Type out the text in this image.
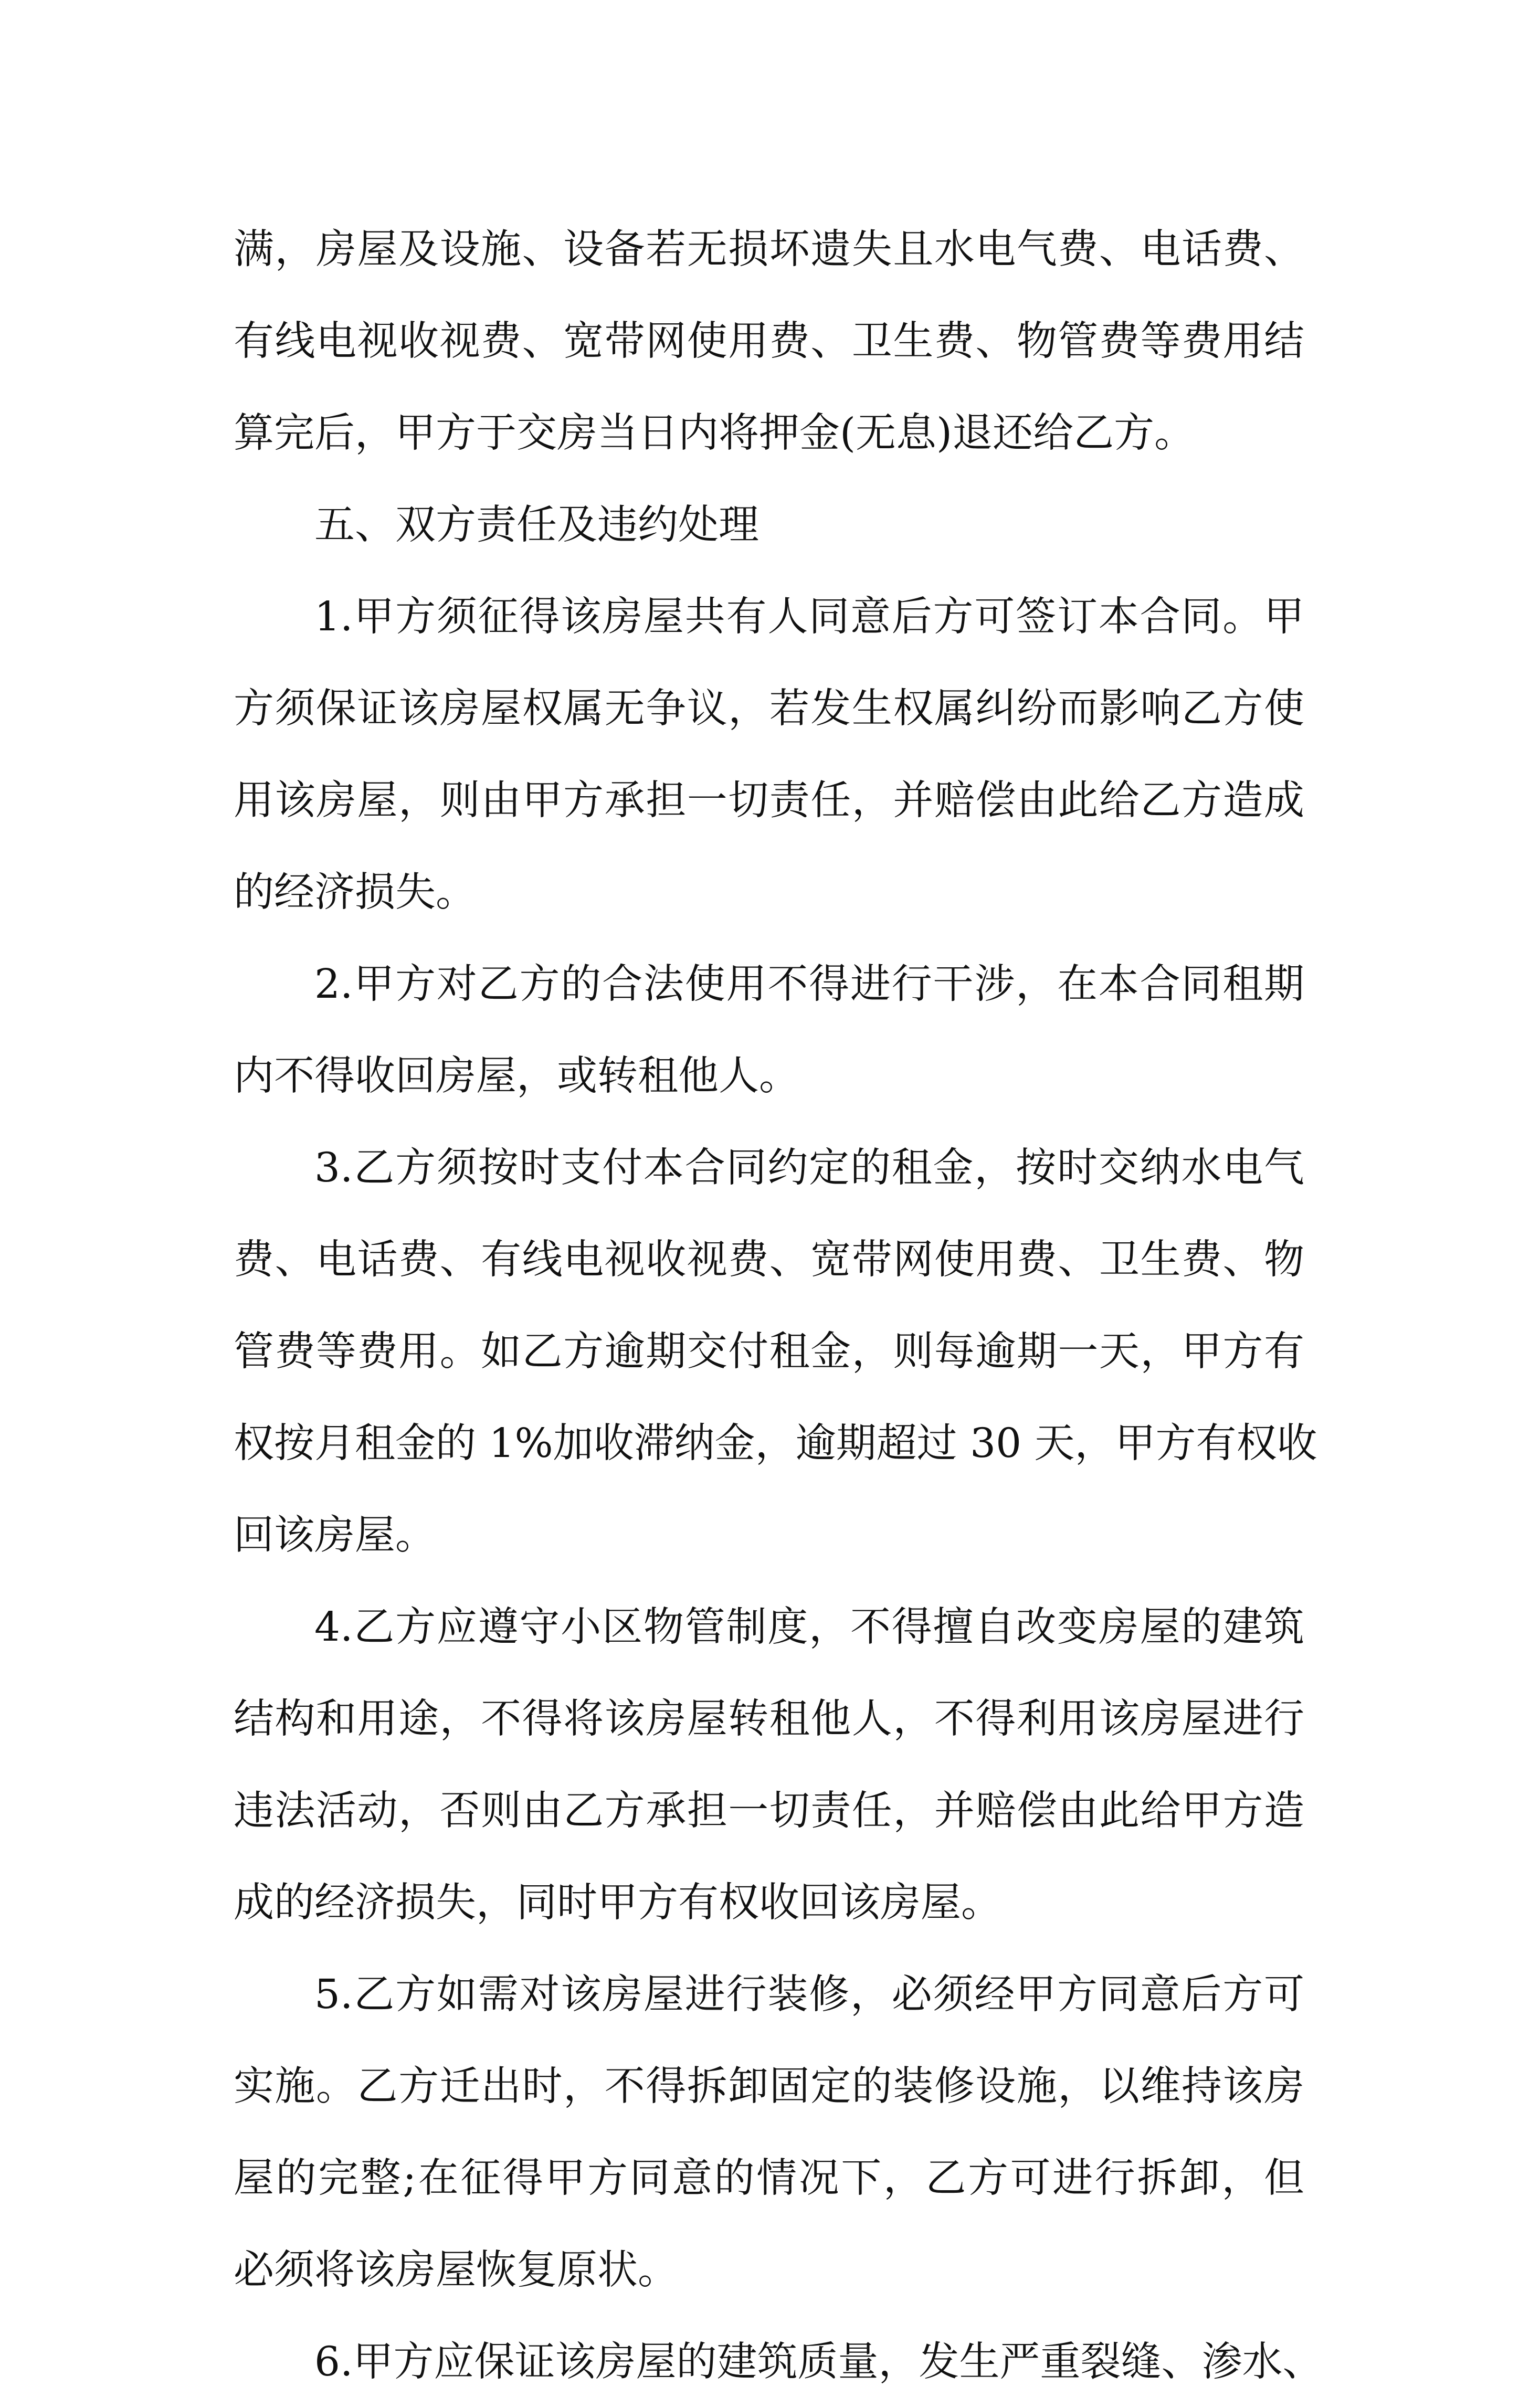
满，房屋及设施、设备若无损坏遗失且水电气费、电话费、
有线电视收视费、宽带网使用费、卫生费、物管费等费用结
算完后，甲方于交房当日内将押金(无息)退还给乙方。
五、双方责任及违约处理
1.甲方须征得该房屋共有人同意后方可签订本合同。甲
方须保证该房屋权属无争议，若发生权属纠纷而影响乙方使
用该房屋，则由甲方承担一切责任，并赔偿由此给乙方造成
的经济损失。
2.甲方对乙方的合法使用不得进行干涉，在本合同租期
内不得收回房屋，或转租他人。
3.乙方须按时支付本合同约定的租金，按时交纳水电气
费、电话费、有线电视收视费、宽带网使用费、卫生费、物
管费等费用。如乙方逾期交付租金，则每逾期一天，甲方有
权按月租金的 1%加收滞纳金，逾期超过 30 天，甲方有权收
回该房屋。
4.乙方应遵守小区物管制度，不得擅自改变房屋的建筑
结构和用途，不得将该房屋转租他人，不得利用该房屋进行
违法活动，否则由乙方承担一切责任，并赔偿由此给甲方造
成的经济损失，同时甲方有权收回该房屋。
5.乙方如需对该房屋进行装修，必须经甲方同意后方可
实施。乙方迁出时，不得拆卸固定的装修设施，以维持该房
屋的完整;在征得甲方同意的情况下，乙方可进行拆卸，但
必须将该房屋恢复原状。
6.甲方应保证该房屋的建筑质量，发生严重裂缝、渗水、
